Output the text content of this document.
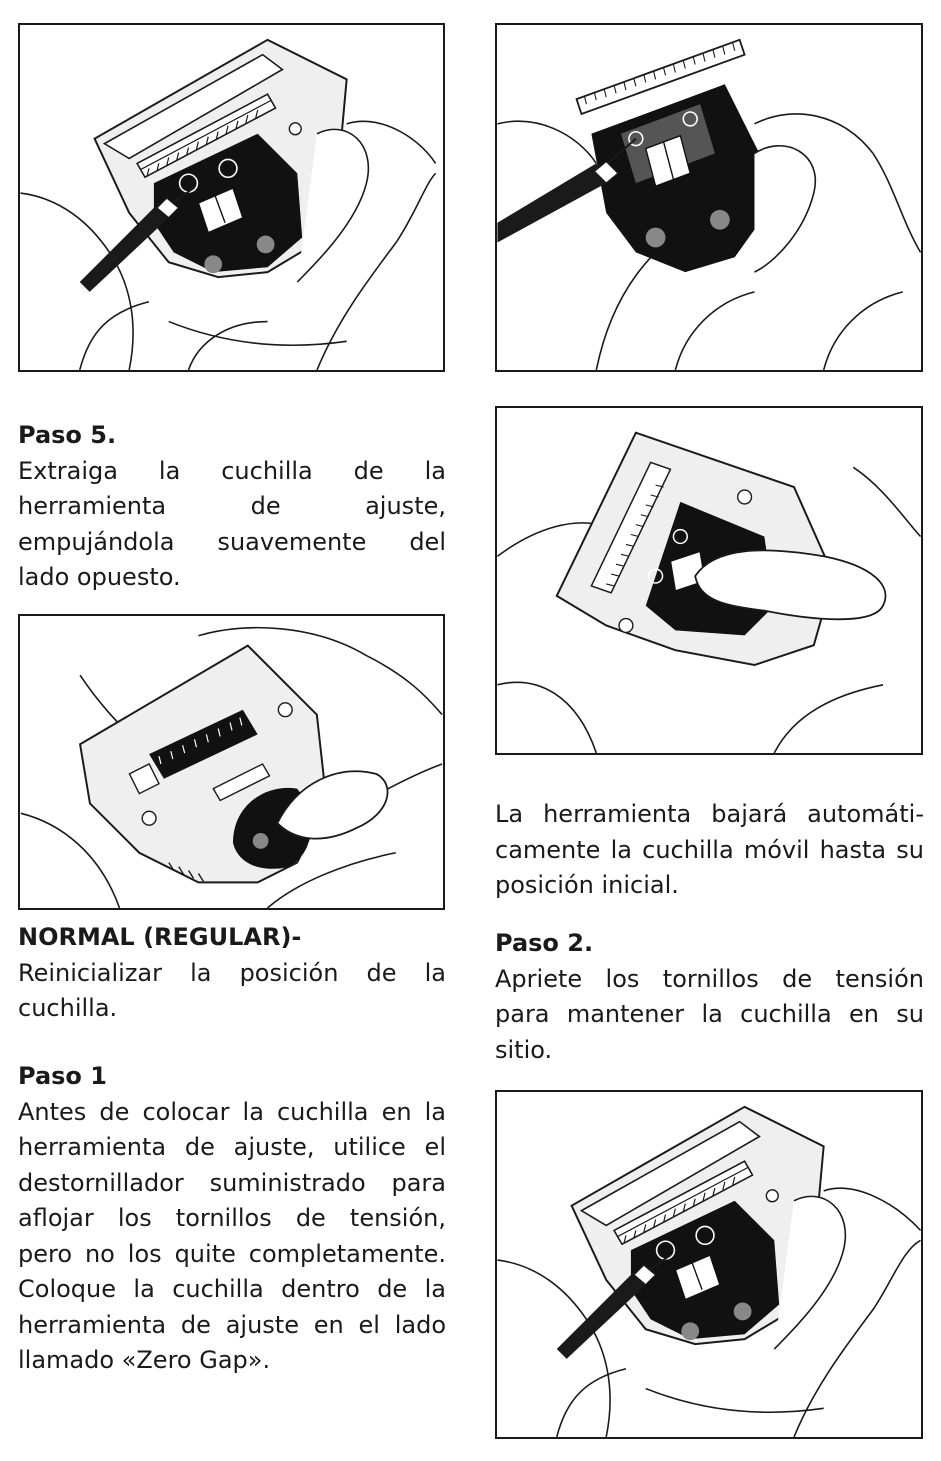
Paso 5.
Extraiga la cuchilla de la
herramienta de ajuste,
empujándola suavemente del
lado opuesto.
NORMAL (REGULAR)-
Reinicializar la posición de la
cuchilla.
Paso 1
Antes de colocar la cuchilla en la
herramienta de ajuste, utilice el
destornillador suministrado para
aflojar los tornillos de tensión,
pero no los quite completamente.
Coloque la cuchilla dentro de la
herramienta de ajuste en el lado
llamado «Zero Gap».
La herramienta bajará automáti-
camente la cuchilla móvil hasta su
posición inicial.
Paso 2.
Apriete los tornillos de tensión
para mantener la cuchilla en su
sitio.
